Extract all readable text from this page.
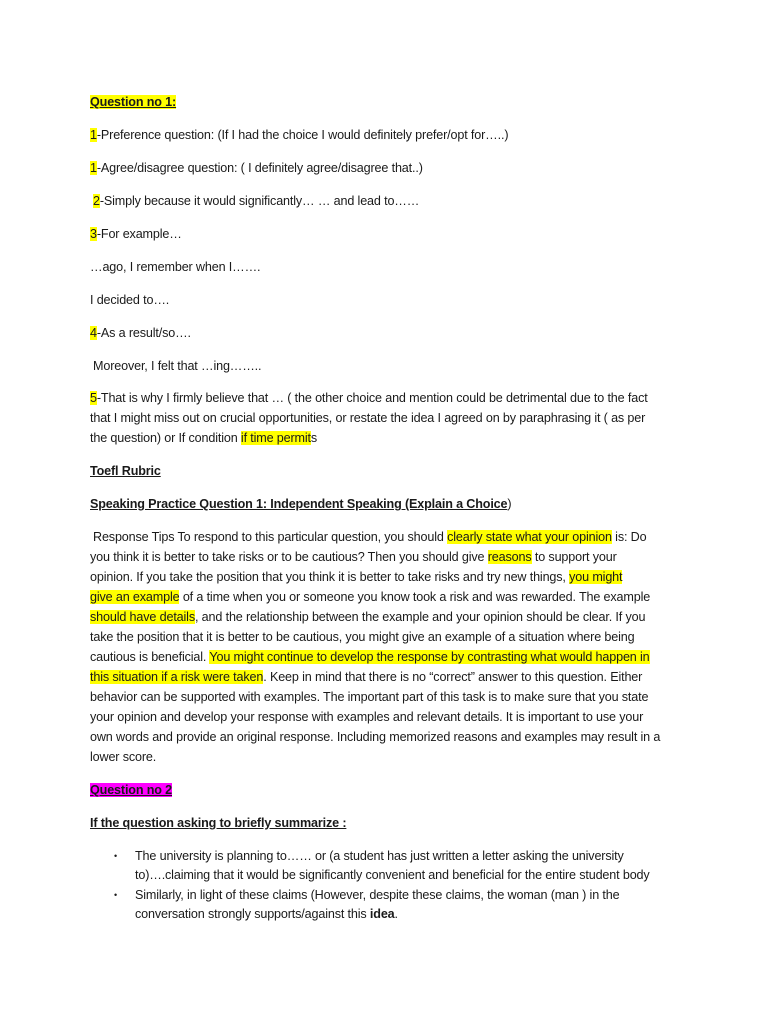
Question no 1:
1-Preference question: (If I had the choice I would definitely prefer/opt for…..)
1-Agree/disagree question: ( I definitely agree/disagree that..)
2-Simply because it would significantly… … and lead to……
3-For example…
…ago, I remember when I…….
I decided to….
4-As a result/so….
Moreover, I felt that …ing……..
5-That is why I firmly believe that … ( the other choice and mention could be detrimental due to the fact
that I might miss out on crucial opportunities, or restate the idea I agreed on by paraphrasing it ( as per
the question) or If condition if time permits
Toefl Rubric
Speaking Practice Question 1: Independent Speaking (Explain a Choice)
Response Tips To respond to this particular question, you should clearly state what your opinion is: Do
you think it is better to take risks or to be cautious? Then you should give reasons to support your
opinion. If you take the position that you think it is better to take risks and try new things, you might
give an example of a time when you or someone you know took a risk and was rewarded. The example
should have details, and the relationship between the example and your opinion should be clear. If you
take the position that it is better to be cautious, you might give an example of a situation where being
cautious is beneficial. You might continue to develop the response by contrasting what would happen in
this situation if a risk were taken. Keep in mind that there is no “correct” answer to this question. Either
behavior can be supported with examples. The important part of this task is to make sure that you state
your opinion and develop your response with examples and relevant details. It is important to use your
own words and provide an original response. Including memorized reasons and examples may result in a
lower score.
Question no 2
If the question asking to briefly summarize :
• The university is planning to…… or (a student has just written a letter asking the university
to)….claiming that it would be significantly convenient and beneficial for the entire student body
• Similarly, in light of these claims (However, despite these claims, the woman (man ) in the
conversation strongly supports/against this idea.
